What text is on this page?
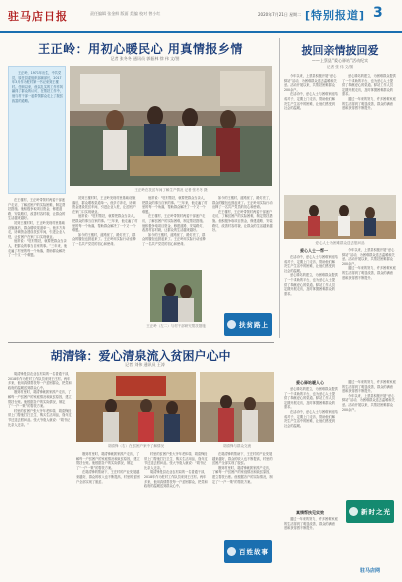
驻马店日报	责任编辑 张金鲜 版面 美编 校对 曾小红	2020年7月21日 星期二 [特别报道] 3
王正岭：用初心暖民心 用真情报乡情
记者 张冬冬 通讯员 郭振林 徐 伟 文/图

王正岭，1971年出生，中共党员，原任县委组织部副部长，2017年3月作为驻村第一书记来到王楼村。任职以来，他以扎实的工作作风赢得了群众的认可，在帮扶工作中，他与村干部一起带领群众走上了脱贫致富的道路。

王正岭在扶贫车间了解生产情况 记者 张冬冬 摄

在王楼村，王正岭带领村两委干部逐户走访，了解贫困户的实际困难，制定帮扶措施。他积极争取项目资金，修建道路、安装路灯，改善村容村貌，让群众的生活越来越好。

初到王楼村时，王正岭发现村里基础设施落后，群众增收渠道单一。他多方奔走，协调资金建设扶贫车间，引进企业入驻，让贫困户在家门口实现就业。

他常说：“驻村帮扶，就要把群众当亲人，把群众的事当自家的事。”三年来，他走遍了村里的每一个角落，帮助群众解决了一个又一个难题。

初到王楼村时，王正岭发现村里基础设施落后，群众增收渠道单一。他多方奔走，协调资金建设扶贫车间，引进企业入驻，让贫困户在家门口实现就业。

他常说：“驻村帮扶，就要把群众当亲人，把群众的事当自家的事。”三年来，他走遍了村里的每一个角落，帮助群众解决了一个又一个难题。

如今的王楼村，道路宽了，路灯亮了，群众的腰包也鼓起来了。王正岭用实际行动诠释了一名共产党员的初心和使命。

他常说：“驻村帮扶，就要把群众当亲人，把群众的事当自家的事。”三年来，他走遍了村里的每一个角落，帮助群众解决了一个又一个难题。

在王楼村，王正岭带领村两委干部逐户走访，了解贫困户的实际困难，制定帮扶措施。他积极争取项目资金，修建道路、安装路灯，改善村容村貌，让群众的生活越来越好。

如今的王楼村，道路宽了，路灯亮了，群众的腰包也鼓起来了。王正岭用实际行动诠释了一名共产党员的初心和使命。

如今的王楼村，道路宽了，路灯亮了，群众的腰包也鼓起来了。王正岭用实际行动诠释了一名共产党员的初心和使命。

在王楼村，王正岭带领村两委干部逐户走访，了解贫困户的实际困难，制定帮扶措施。他积极争取项目资金，修建道路、安装路灯，改善村容村貌，让群众的生活越来越好。

王正岭（左二）与村干部研究帮扶措施	扶贫路上
披回亲情披回爱
——上蔡县“爱心驿站”活动纪实
记者 张 伟 文/图

今年以来，上蔡县积极开展“爱心驿站”活动，为困难群众送去温暖和关爱。活动开展以来，共帮扶困难群众200余户。

在活动中，爱心人士与困难家庭结成对子，定期上门走访，帮助他们解决生产生活中的困难，让他们感受到社会的温暖。

爱心驿站的建立，为困难群众提供了一个求助的平台，也为爱心人士提供了奉献爱心的渠道。驿站工作人员定期开展走访，及时掌握困难群众的需求。

通过一年来的努力，许多困难家庭的生活得到了明显改善，群众的满意度和获得感不断提升。

爱心人士为困难群众送去慰问品
爱心人士一帮一

在活动中，爱心人士与困难家庭结成对子，定期上门走访，帮助他们解决生产生活中的困难，让他们感受到社会的温暖。

爱心驿站的建立，为困难群众提供了一个求助的平台，也为爱心人士提供了奉献爱心的渠道。驿站工作人员定期开展走访，及时掌握困难群众的需求。

今年以来，上蔡县积极开展“爱心驿站”活动，为困难群众送去温暖和关爱。活动开展以来，共帮扶困难群众200余户。

通过一年来的努力，许多困难家庭的生活得到了明显改善，群众的满意度和获得感不断提升。

爱心驿站暖人心

爱心驿站的建立，为困难群众提供了一个求助的平台，也为爱心人士提供了奉献爱心的渠道。驿站工作人员定期开展走访，及时掌握困难群众的需求。

在活动中，爱心人士与困难家庭结成对子，定期上门走访，帮助他们解决生产生活中的困难，让他们感受到社会的温暖。

通过一年来的努力，许多困难家庭的生活得到了明显改善，群众的满意度和获得感不断提升。

今年以来，上蔡县积极开展“爱心驿站”活动，为困难群众送去温暖和关爱。活动开展以来，共帮扶困难群众200余户。

真情帮扶见实效

通过一年来的努力，许多困难家庭的生活得到了明显改善，群众的满意度和获得感不断提升。

新时之光
胡清锋：爱心清泉流入贫困户心中
记者 刘伟 通讯员 王涛

胡清锋是县农业农村局的一名普通干部，2018年作为驻村工作队员来到王庄村。两年多来，他用真情帮扶每一户贫困群众，把党和政府的温暖送到群众心中。

刚到村里时，胡清锋就挨家挨户走访，了解每一户贫困户的家庭情况和致贫原因，建立帮扶台账。他根据各户的实际情况，制定了“一户一策”的帮扶方案。

村里的贫困户张大爷年老体弱，胡清锋经常上门帮他打扫卫生、购买生活用品，逢年过节还送去慰问品。张大爷逢人就说：“胡书记比亲人还亲。”

胡清锋（右）在贫困户家中了解情况	胡清锋与群众交流

刚到村里时，胡清锋就挨家挨户走访，了解每一户贫困户的家庭情况和致贫原因，建立帮扶台账。他根据各户的实际情况，制定了“一户一策”的帮扶方案。

在胡清锋的帮助下，王庄村的产业发展越来越好，群众的收入也不断提高，村里的贫困户全部实现了脱贫。

村里的贫困户张大爷年老体弱，胡清锋经常上门帮他打扫卫生、购买生活用品，逢年过节还送去慰问品。张大爷逢人就说：“胡书记比亲人还亲。”

胡清锋是县农业农村局的一名普通干部，2018年作为驻村工作队员来到王庄村。两年多来，他用真情帮扶每一户贫困群众，把党和政府的温暖送到群众心中。

在胡清锋的帮助下，王庄村的产业发展越来越好，群众的收入也不断提高，村里的贫困户全部实现了脱贫。

刚到村里时，胡清锋就挨家挨户走访，了解每一户贫困户的家庭情况和致贫原因，建立帮扶台账。他根据各户的实际情况，制定了“一户一策”的帮扶方案。

百姓故事
驻马店网
